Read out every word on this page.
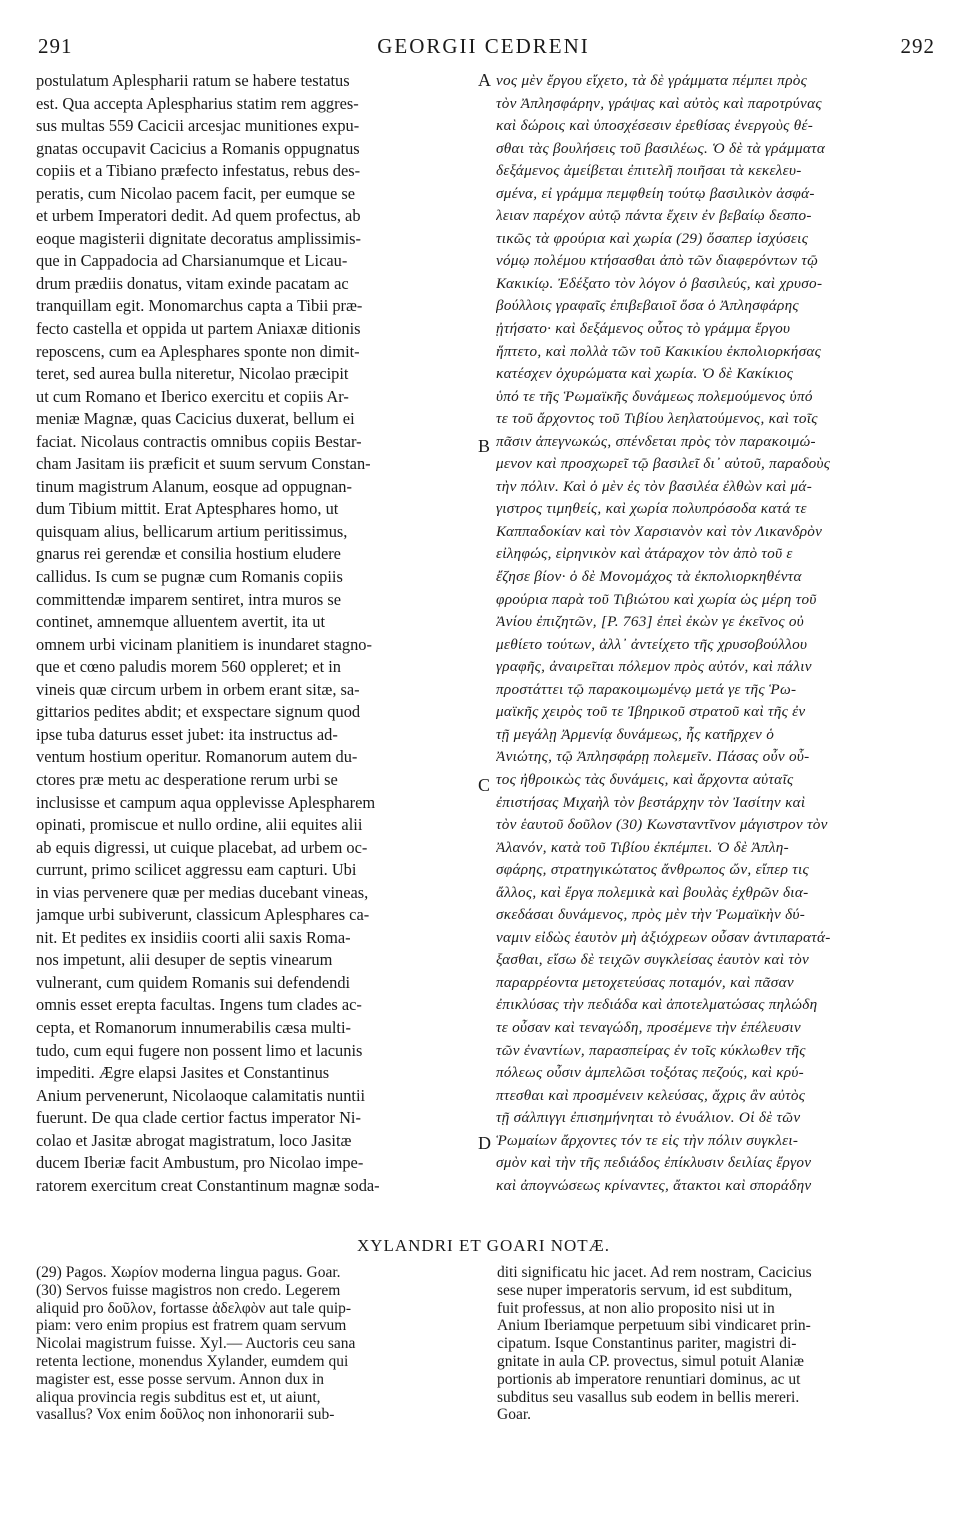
291	GEORGII CEDRENI	292
postulatum Aplespharii ratum se habere testatus
est. Qua accepta Aplespharius statim rem aggres-
sus multas 559 Cacicii arcesjac munitiones expu-
gnatas occupavit Cacicius a Romanis oppugnatus
copiis et a Tibiano præfecto infestatus, rebus des-
peratis, cum Nicolao pacem facit, per eumque se
et urbem Imperatori dedit. Ad quem profectus, ab
eoque magisterii dignitate decoratus amplissimis-
que in Cappadocia ad Charsianumque et Licau-
drum prædiis donatus, vitam exinde pacatam ac
tranquillam egit. Monomarchus capta a Tibii præ-
fecto castella et oppida ut partem Aniaxæ ditionis
reposcens, cum ea Aplesphares sponte non dimit-
teret, sed aurea bulla niteretur, Nicolao præcipit
ut cum Romano et Iberico exercitu et copiis Ar-
meniæ Magnæ, quas Cacicius duxerat, bellum ei
faciat. Nicolaus contractis omnibus copiis Bestar-
cham Jasitam iis præficit et suum servum Constan-
tinum magistrum Alanum, eosque ad oppugnan-
dum Tibium mittit. Erat Aptesphares homo, ut
quisquam alius, bellicarum artium peritissimus,
gnarus rei gerendæ et consilia hostium eludere
callidus. Is cum se pugnæ cum Romanis copiis
committendæ imparem sentiret, intra muros se
continet, amnemque alluentem avertit, ita ut
omnem urbi vicinam planitiem is inundaret stagno-
que et cœno paludis morem 560 oppleret; et in
vineis quæ circum urbem in orbem erant sitæ, sa-
gittarios pedites abdit; et exspectare signum quod
ipse tuba daturus esset jubet: ita instructus ad-
ventum hostium operitur. Romanorum autem du-
ctores præ metu ac desperatione rerum urbi se
inclusisse et campum aqua opplevisse Aplespharem
opinati, promiscue et nullo ordine, alii equites alii
ab equis digressi, ut cuique placebat, ad urbem oc-
currunt, primo scilicet aggressu eam capturi. Ubi
in vias pervenere quæ per medias ducebant vineas,
jamque urbi subiverunt, classicum Aplesphares ca-
nit. Et pedites ex insidiis coorti alii saxis Roma-
nos impetunt, alii desuper de septis vinearum
vulnerant, cum quidem Romanis sui defendendi
omnis esset erepta facultas. Ingens tum clades ac-
cepta, et Romanorum innumerabilis cæsa multi-
tudo, cum equi fugere non possent limo et lacunis
impediti. Ægre elapsi Jasites et Constantinus
Anium pervenerunt, Nicolaoque calamitatis nuntii
fuerunt. De qua clade certior factus imperator Ni-
colao et Jasitæ abrogat magistratum, loco Jasitæ
ducem Iberiæ facit Ambustum, pro Nicolao impe-
ratorem exercitum creat Constantinum magnæ soda-
νος μὲν ἔργου εἴχετο, τὰ δὲ γράμματα πέμπει πρὸς
τὸν Ἀπλησφάρην, γράψας καὶ αὐτὸς καὶ παροτρύνας
καὶ δώροις καὶ ὑποσχέσεσιν ἐρεθίσας ἐνεργοὺς θέ-
σθαι τὰς βουλήσεις τοῦ βασιλέως. Ὁ δὲ τὰ γράμματα
δεξάμενος ἀμείβεται ἐπιτελῆ ποιῆσαι τὰ κεκελευ-
σμένα, εἰ γράμμα πεμφθείη τούτῳ βασιλικὸν ἀσφά-
λειαν παρέχον αὐτῷ πάντα ἔχειν ἐν βεβαίῳ δεσπο-
τικῶς τὰ φρούρια καὶ χωρία (29) ὅσαπερ ἰσχύσεις
νόμῳ πολέμου κτήσασθαι ἀπὸ τῶν διαφερόντων τῷ
Κακικίῳ. Ἐδέξατο τὸν λόγον ὁ βασιλεύς, καὶ χρυσο-
βούλλοις γραφαῖς ἐπιβεβαιοῖ ὅσα ὁ Ἀπλησφάρης
ᾐτήσατο· καὶ δεξάμενος οὗτος τὸ γράμμα ἔργου
ἥπτετο, καὶ πολλὰ τῶν τοῦ Κακικίου ἐκπολιορκήσας
κατέσχεν ὀχυρώματα καὶ χωρία. Ὁ δὲ Κακίκιος
ὑπό τε τῆς Ῥωμαϊκῆς δυνάμεως πολεμούμενος ὑπό
τε τοῦ ἄρχοντος τοῦ Τιβίου λεηλατούμενος, καὶ τοῖς
πᾶσιν ἀπεγνωκώς, σπένδεται πρὸς τὸν παρακοιμώ-
μενον καὶ προσχωρεῖ τῷ βασιλεῖ δι᾽ αὐτοῦ, παραδοὺς
τὴν πόλιν. Καὶ ὁ μὲν ἐς τὸν βασιλέα ἐλθὼν καὶ μά-
γιστρος τιμηθείς, καὶ χωρία πολυπρόσοδα κατά τε
Καππαδοκίαν καὶ τὸν Χαρσιανὸν καὶ τὸν Λικανδρὸν
εἰληφώς, εἰρηνικὸν καὶ ἀτάραχον τὸν ἀπὸ τοῦ ε
ἔζησε βίον· ὁ δὲ Μονομάχος τὰ ἐκπολιορκηθέντα
φρούρια παρὰ τοῦ Τιβιώτου καὶ χωρία ὡς μέρη τοῦ
Ἀνίου ἐπιζητῶν, [P. 763] ἐπεὶ ἐκὼν γε ἐκεῖνος οὐ
μεθίετο τούτων, ἀλλ᾽ ἀντείχετο τῆς χρυσοβούλλου
γραφῆς, ἀναιρεῖται πόλεμον πρὸς αὐτόν, καὶ πάλιν
προστάττει τῷ παρακοιμωμένῳ μετά γε τῆς Ῥω-
μαϊκῆς χειρὸς τοῦ τε Ἰβηρικοῦ στρατοῦ καὶ τῆς ἐν
τῇ μεγάλῃ Ἀρμενίᾳ δυνάμεως, ἧς κατῆρχεν ὁ
Ἀνιώτης, τῷ Ἀπλησφάρῃ πολεμεῖν. Πάσας οὖν οὗ-
τος ἠθροικὼς τὰς δυνάμεις, καὶ ἄρχοντα αὐταῖς
ἐπιστήσας Μιχαὴλ τὸν βεστάρχην τὸν Ἰασίτην καὶ
τὸν ἑαυτοῦ δοῦλον (30) Κωνσταντῖνον μάγιστρον τὸν
Ἀλανόν, κατὰ τοῦ Τιβίου ἐκπέμπει. Ὁ δὲ Ἀπλη-
σφάρης, στρατηγικώτατος ἄνθρωπος ὤν, εἴπερ τις
ἄλλος, καὶ ἔργα πολεμικὰ καὶ βουλὰς ἐχθρῶν δια-
σκεδάσαι δυνάμενος, πρὸς μὲν τὴν Ῥωμαϊκὴν δύ-
ναμιν εἰδὼς ἑαυτὸν μὴ ἀξιόχρεων οὖσαν ἀντιπαρατά-
ξασθαι, εἴσω δὲ τειχῶν συγκλείσας ἑαυτὸν καὶ τὸν
παραρρέοντα μετοχετεύσας ποταμόν, καὶ πᾶσαν
ἐπικλύσας τὴν πεδιάδα καὶ ἀποτελματώσας πηλώδη
τε οὖσαν καὶ τεναγώδη, προσέμενε τὴν ἐπέλευσιν
τῶν ἐναντίων, παρασπείρας ἐν τοῖς κύκλωθεν τῆς
πόλεως οὖσιν ἀμπελῶσι τοξότας πεζούς, καὶ κρύ-
πτεσθαι καὶ προσμένειν κελεύσας, ἄχρις ἂν αὐτὸς
τῇ σάλπιγγι ἐπισημήνηται τὸ ἐνυάλιον. Οἱ δὲ τῶν
Ῥωμαίων ἄρχοντες τόν τε εἰς τὴν πόλιν συγκλει-
σμὸν καὶ τὴν τῆς πεδιάδος ἐπίκλυσιν δειλίας ἔργον
καὶ ἀπογνώσεως κρίναντες, ἄτακτοι καὶ σποράδην
A
B
C
D
XYLANDRI ET GOARI NOTÆ.
(29) Pagos. Χωρίον moderna lingua pagus. Goar.
(30) Servos fuisse magistros non credo. Legerem
aliquid pro δοῦλον, fortasse ἀδελφὸν aut tale quip-
piam: vero enim propius est fratrem quam servum
Nicolai magistrum fuisse. Xyl.— Auctoris ceu sana
retenta lectione, monendus Xylander, eumdem qui
magister est, esse posse servum. Annon dux in
aliqua provincia regis subditus est et, ut aiunt,
vasallus? Vox enim δοῦλος non inhonorarii sub-
diti significatu hic jacet. Ad rem nostram, Cacicius
sese nuper imperatoris servum, id est subditum,
fuit professus, at non alio proposito nisi ut in
Anium Iberiamque perpetuum sibi vindicaret prin-
cipatum. Isque Constantinus pariter, magistri di-
gnitate in aula CP. provectus, simul potuit Alaniæ
portionis ab imperatore renuntiari dominus, ac ut
subditus seu vasallus sub eodem in bellis mereri.
Goar.
